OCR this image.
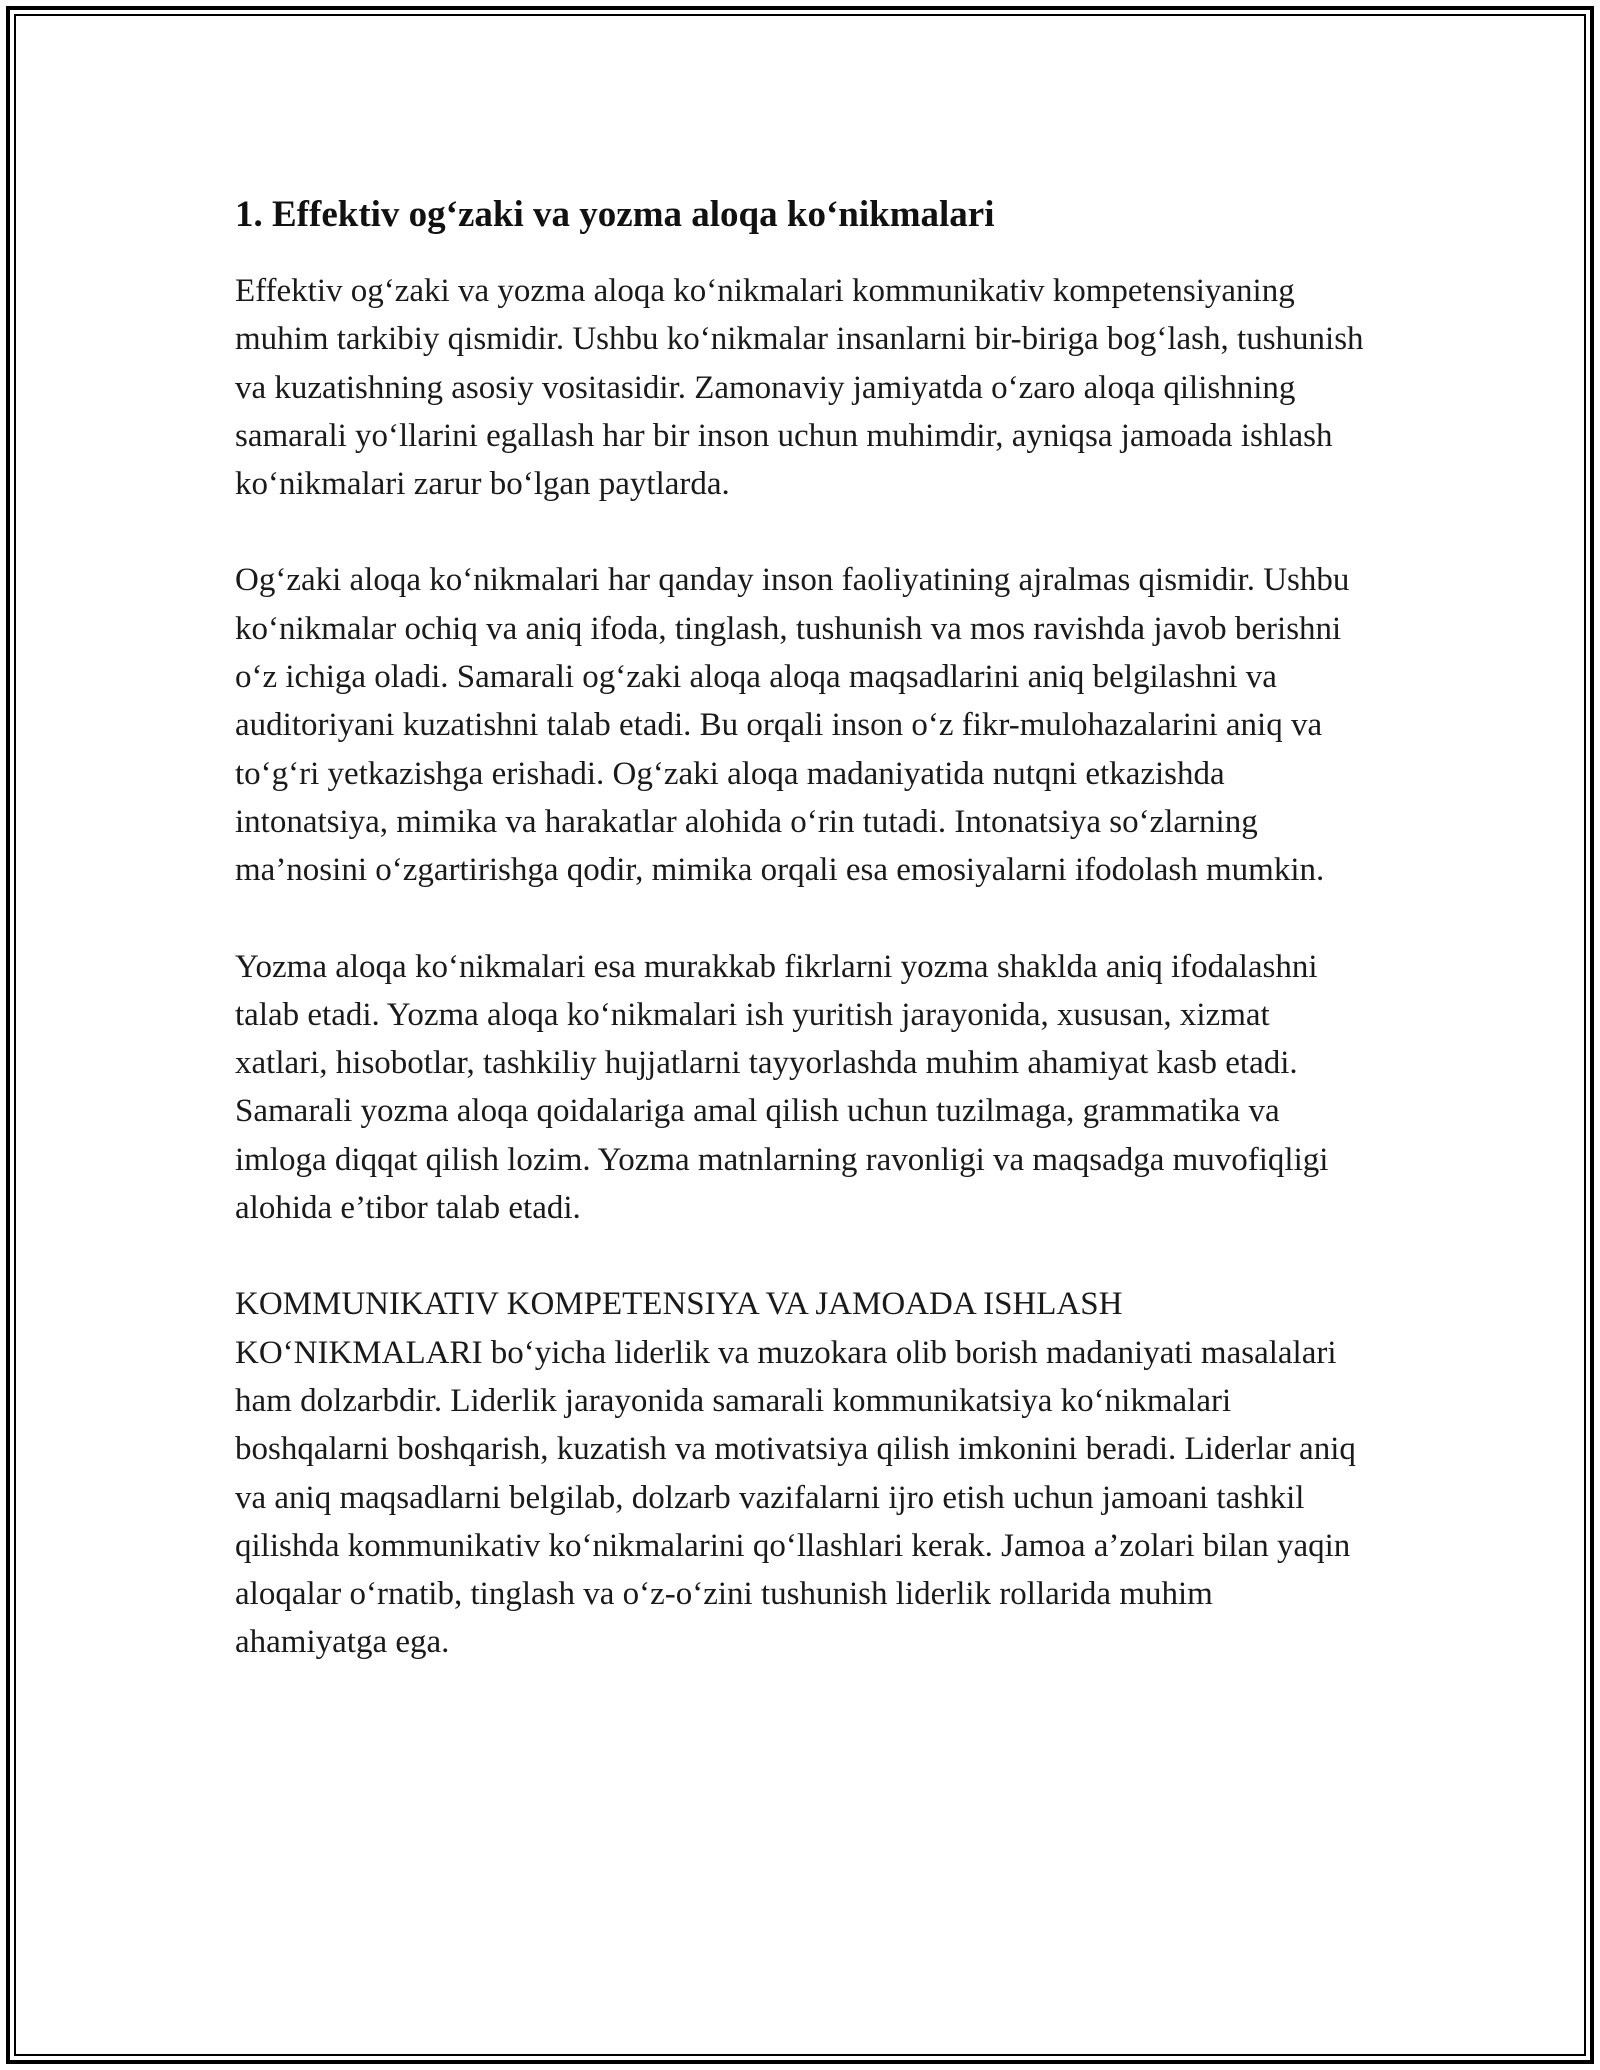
1. Effektiv og‘zaki va yozma aloqa ko‘nikmalari

Effektiv og‘zaki va yozma aloqa ko‘nikmalari kommunikativ kompetensiyaning muhim tarkibiy qismidir. Ushbu ko‘nikmalar insanlarni bir-biriga bog‘lash, tushunish va kuzatishning asosiy vositasidir. Zamonaviy jamiyatda o‘zaro aloqa qilishning samarali yo‘llarini egallash har bir inson uchun muhimdir, ayniqsa jamoada ishlash ko‘nikmalari zarur bo‘lgan paytlarda.

Og‘zaki aloqa ko‘nikmalari har qanday inson faoliyatining ajralmas qismidir. Ushbu ko‘nikmalar ochiq va aniq ifoda, tinglash, tushunish va mos ravishda javob berishni o‘z ichiga oladi. Samarali og‘zaki aloqa aloqa maqsadlarini aniq belgilashni va auditoriyani kuzatishni talab etadi. Bu orqali inson o‘z fikr-mulohazalarini aniq va to‘g‘ri yetkazishga erishadi. Og‘zaki aloqa madaniyatida nutqni etkazishda intonatsiya, mimika va harakatlar alohida o‘rin tutadi. Intonatsiya so‘zlarning ma’nosini o‘zgartirishga qodir, mimika orqali esa emosiyalarni ifodolash mumkin.

Yozma aloqa ko‘nikmalari esa murakkab fikrlarni yozma shaklda aniq ifodalashni talab etadi. Yozma aloqa ko‘nikmalari ish yuritish jarayonida, xususan, xizmat xatlari, hisobotlar, tashkiliy hujjatlarni tayyorlashda muhim ahamiyat kasb etadi. Samarali yozma aloqa qoidalariga amal qilish uchun tuzilmaga, grammatika va imloga diqqat qilish lozim. Yozma matnlarning ravonligi va maqsadga muvofiqligi alohida e’tibor talab etadi.

KOMMUNIKATIV KOMPETENSIYA VA JAMOADA ISHLASH KO‘NIKMALARI bo‘yicha liderlik va muzokara olib borish madaniyati masalalari ham dolzarbdir. Liderlik jarayonida samarali kommunikatsiya ko‘nikmalari boshqalarni boshqarish, kuzatish va motivatsiya qilish imkonini beradi. Liderlar aniq va aniq maqsadlarni belgilab, dolzarb vazifalarni ijro etish uchun jamoani tashkil qilishda kommunikativ ko‘nikmalarini qo‘llashlari kerak. Jamoa a’zolari bilan yaqin aloqalar o‘rnatib, tinglash va o‘z-o‘zini tushunish liderlik rollarida muhim ahamiyatga ega.
